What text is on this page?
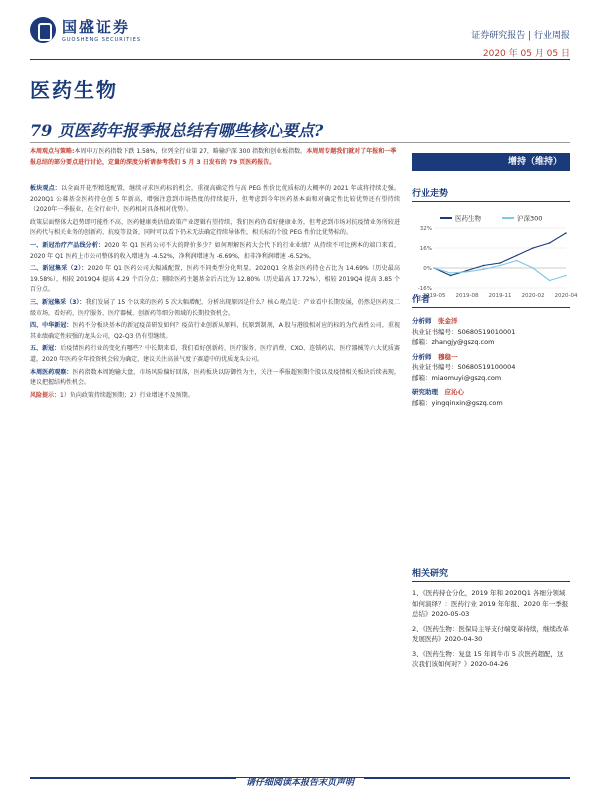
国盛证券
GUOSHENG SECURITIES	证券研究报告 | 行业周报
2020 年 05 月 05 日
医药生物
79 页医药年报季报总结有哪些核心要点?
本周观点与策略:本周申万医药指数下跌 1.58%，位列全行业第 27，略输沪深 300 指数和创业板指数。本周周专题我们就对了年报和一季报总结的部分要点进行讨论，定量的深度分析请参考我们 5 月 3 日发布的 79 页医药报告。	增持（维持）

板块观点：以全面开花型精选配置，继续寻求医药标的机会，重视高确定性与高 PEG 性价比优质标的大概率的 2021 年或将持续走强。2020Q1 公募基金医药持仓创 5 年新高，增强注意到市场热度的持续提升，但考虑到今年医药基本面和对确定性比较优势还有望持续（2020年一季报业，在全行业中，医药相对具备相对优势）。

政策层面整体大趋势即可能性不高，医药健康类估值政策产业逻辑有望持续，我们医药仍看好健康业务，但考虑到市场对抗疫情业务所较进医药代与相关业务的创新药、抗疫等设备，同时可以看下仍未无法确定持续导体性，相关标的个股 PEG 性价比优势标的。

一、新冠治疗产品线分析：2020 年 Q1 医药公司不大的降价多少？如何理解医药大会代下的行业业绩？从持续不可比例本的端口来看，2020 年 Q1 医药上市公司整体的收入增速为 -4.52%，净利润增速为 -6.69%，扣非净利润增速 -6.52%。

二、新冠集采（2）：2020 年 Q1 医药公司大幅减配置，医药不同类型分化明显。2020Q1 全基金医药持仓占比为 14.69%（历史最高 19.58%），相较 2019Q4 提高 4.29 个百分点；剔除医药主题基金后占比为 12.80%（历史最高 17.72%），相较 2019Q4 提高 3.85 个百分点。

三、新冠集采（3）：我们发展了 15 个以来的医药 5 次大幅增配，分析出现原因是什么？核心观点是：产业看中长期发展，仍然是医药及二级市场，看好药、医疗服务、医疗器械、创新药等细分领域的长期投资机会。

四、中华新冠：医药不分板块基本的新冠疫苗研发如何？疫苗行业创新从原料、抗原到制剂，A 股与港股相对应的标的为代表性公司，重视其业绩确定性较强的龙头公司，Q2-Q3 仍有望继续。

五、新冠：后疫情医药行业的变化有哪些？中长期来看，我们看好创新药、医疗服务、医疗消费、CXO、连锁药店、医疗器械等六大优质赛道，2020 年医药全年投资机会较为确定，建议关注高景气度子赛道中的优质龙头公司。

本周医药观察：医药指数本周跑输大盘，市场风险偏好回落，医药板块以防御性为主，关注一季报超预期个股以及疫情相关板块后续表现，建议把握结构性机会。

风险提示：1）负向政策持续超预期；2）行业增速不及预期。

行业走势
医药生物	沪深300
32%
16%
0%
-16%
2019-05 2019-08 2019-11 2020-02 2020-04
作者
分析师　 张金洋
执业证书编号：S0680519010001
邮箱：zhangjy@gszq.com
分析师　 穆稳一
执业证书编号：S0680519100004
邮箱：miaomuyi@gszq.com
研究助理　 应沁心
邮箱：yingqinxin@gszq.com
相关研究
1、《医药持仓分化，2019 年和 2020Q1 各细分领域如何演绎？：医药行业 2019 年年报、2020 年一季报总结》2020-05-03
2、《医药生物：医保局主导支付端变革持续，继续改革发展医药》2020-04-30
3、《医药生物：复盘 15 年间牛市 5 次医药超配，这次我们该如何对？》2020-04-26
请仔细阅读本报告末页声明
